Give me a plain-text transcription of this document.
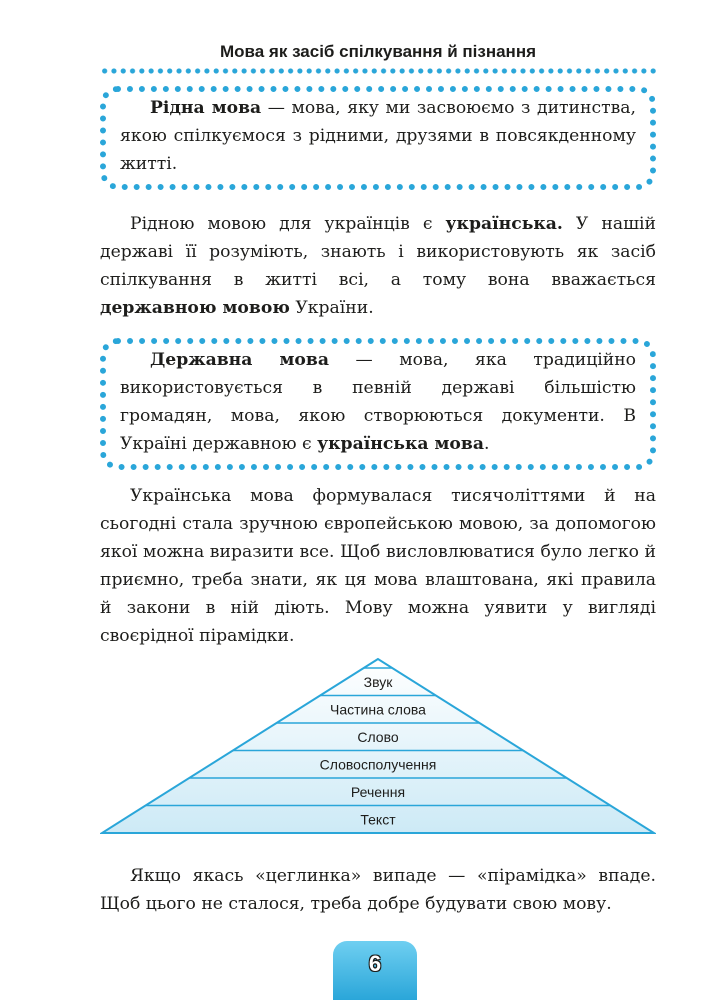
Мова як засіб спілкування й пізнання
Рідна мова — мова, яку ми засвоюємо з дитинства, якою спілкуємося з рідними, друзями в повсякденному житті.
Рідною мовою для українців є українська. У нашій державі її розуміють, знають і використовують як засіб спілкування в житті всі, а тому вона вважається державною мовою України.
Державна мова — мова, яка традиційно використовується в певній державі більшістю громадян, мова, якою створюються документи. В Україні державною є українська мова.
Українська мова формувалася тисячоліттями й на сьогодні стала зручною європейською мовою, за допомогою якої можна виразити все. Щоб висловлюватися було легко й приємно, треба знати, як ця мова влаштована, які правила й закони в ній діють. Мову можна уявити у вигляді своєрідної пірамідки.
Звук
Частина слова
Слово
Словосполучення
Речення
Текст
Якщо якась «цеглинка» випаде — «пірамідка» впаде. Щоб цього не сталося, треба добре будувати свою мову.
6
